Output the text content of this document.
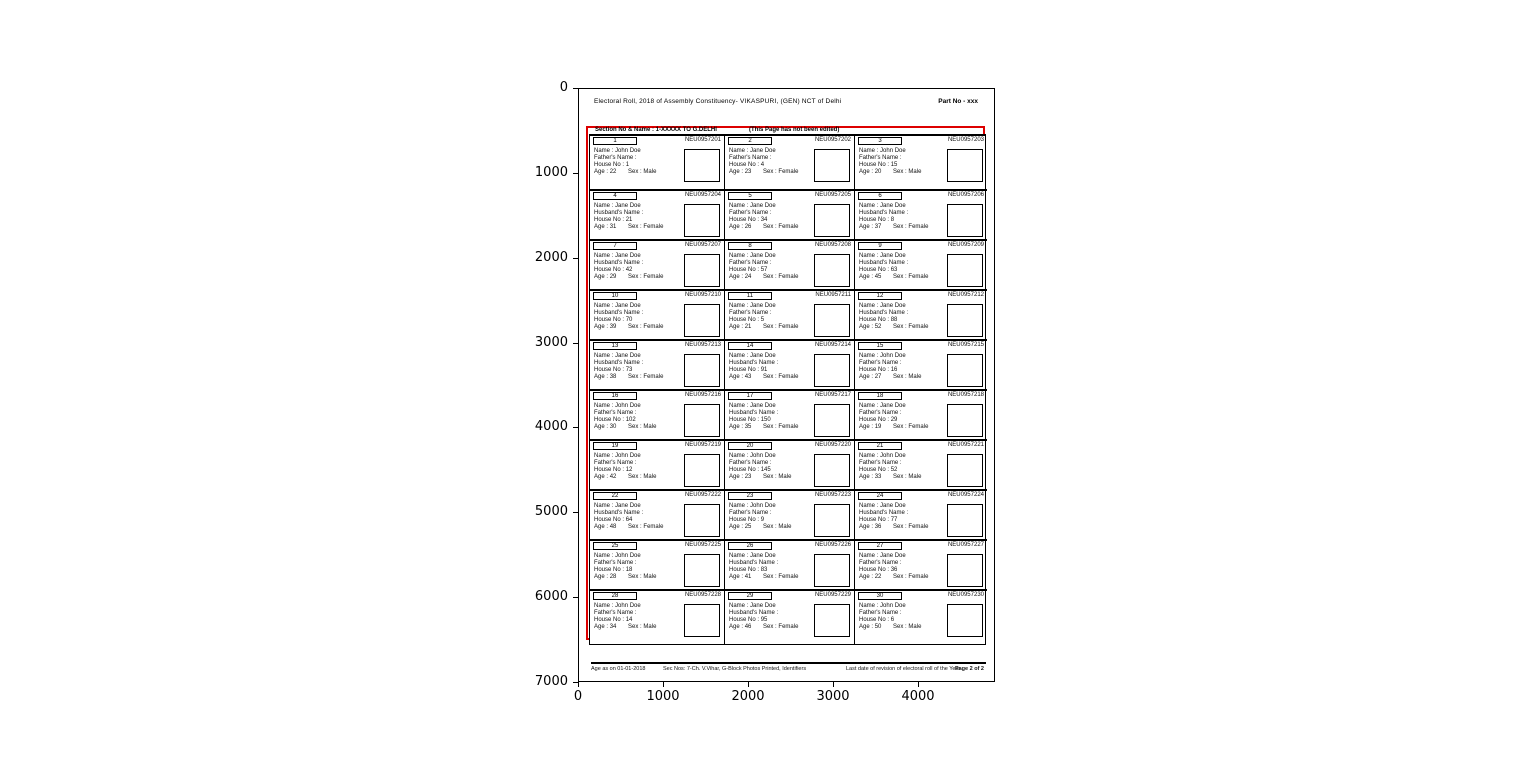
Electoral Roll, 2018 of Assembly Constituency- VIKASPURI, (GEN) NCT of Delhi	Part No - xxx
Section No & Name : 1-XXXXX TO G.DELHI	(This Page has not been edited)
1	NEU0957201
Name : John Doe
Father's Name :
House No : 1
Age : 22 Sex : Male
2	NEU0957202
Name : Jane Doe
Father's Name :
House No : 4
Age : 23 Sex : Female
3	NEU0957203
Name : John Doe
Father's Name :
House No : 15
Age : 20 Sex : Male
4	NEU0957204
Name : Jane Doe
Husband's Name :
House No : 21
Age : 31 Sex : Female
5	NEU0957205
Name : Jane Doe
Father's Name :
House No : 34
Age : 26 Sex : Female
6	NEU0957206
Name : Jane Doe
Husband's Name :
House No : 8
Age : 37 Sex : Female
7	NEU0957207
Name : Jane Doe
Husband's Name :
House No : 42
Age : 29 Sex : Female
8	NEU0957208
Name : Jane Doe
Father's Name :
House No : 57
Age : 24 Sex : Female
9	NEU0957209
Name : Jane Doe
Husband's Name :
House No : 63
Age : 45 Sex : Female
10	NEU0957210
Name : Jane Doe
Husband's Name :
House No : 70
Age : 39 Sex : Female
11	NEU0957211
Name : Jane Doe
Father's Name :
House No : 5
Age : 21 Sex : Female
12	NEU0957212
Name : Jane Doe
Husband's Name :
House No : 88
Age : 52 Sex : Female
13	NEU0957213
Name : Jane Doe
Husband's Name :
House No : 73
Age : 38 Sex : Female
14	NEU0957214
Name : Jane Doe
Husband's Name :
House No : 91
Age : 43 Sex : Female
15	NEU0957215
Name : John Doe
Father's Name :
House No : 16
Age : 27 Sex : Male
16	NEU0957216
Name : John Doe
Father's Name :
House No : 102
Age : 30 Sex : Male
17	NEU0957217
Name : Jane Doe
Husband's Name :
House No : 150
Age : 35 Sex : Female
18	NEU0957218
Name : Jane Doe
Father's Name :
House No : 29
Age : 19 Sex : Female
19	NEU0957219
Name : John Doe
Father's Name :
House No : 12
Age : 42 Sex : Male
20	NEU0957220
Name : John Doe
Father's Name :
House No : 145
Age : 23 Sex : Male
21	NEU0957221
Name : John Doe
Father's Name :
House No : 52
Age : 33 Sex : Male
22	NEU0957222
Name : Jane Doe
Husband's Name :
House No : 64
Age : 48 Sex : Female
23	NEU0957223
Name : John Doe
Father's Name :
House No : 9
Age : 25 Sex : Male
24	NEU0957224
Name : Jane Doe
Husband's Name :
House No : 77
Age : 36 Sex : Female
25	NEU0957225
Name : John Doe
Father's Name :
House No : 18
Age : 28 Sex : Male
26	NEU0957226
Name : Jane Doe
Husband's Name :
House No : 83
Age : 41 Sex : Female
27	NEU0957227
Name : Jane Doe
Father's Name :
House No : 36
Age : 22 Sex : Female
28	NEU0957228
Name : John Doe
Father's Name :
House No : 14
Age : 34 Sex : Male
29	NEU0957229
Name : Jane Doe
Husband's Name :
House No : 95
Age : 46 Sex : Female
30	NEU0957230
Name : John Doe
Father's Name :
House No : 6
Age : 50 Sex : Male
Age as on 01-01-2018	Sec Nos: 7-Ch. V.Vihar, G-Block Photos Printed, Identifiers	Last date of revision of electoral roll of the Year
Page 2 of 2
0
1000
2000
3000
4000
5000
6000
7000
0	1000	2000	3000	4000
